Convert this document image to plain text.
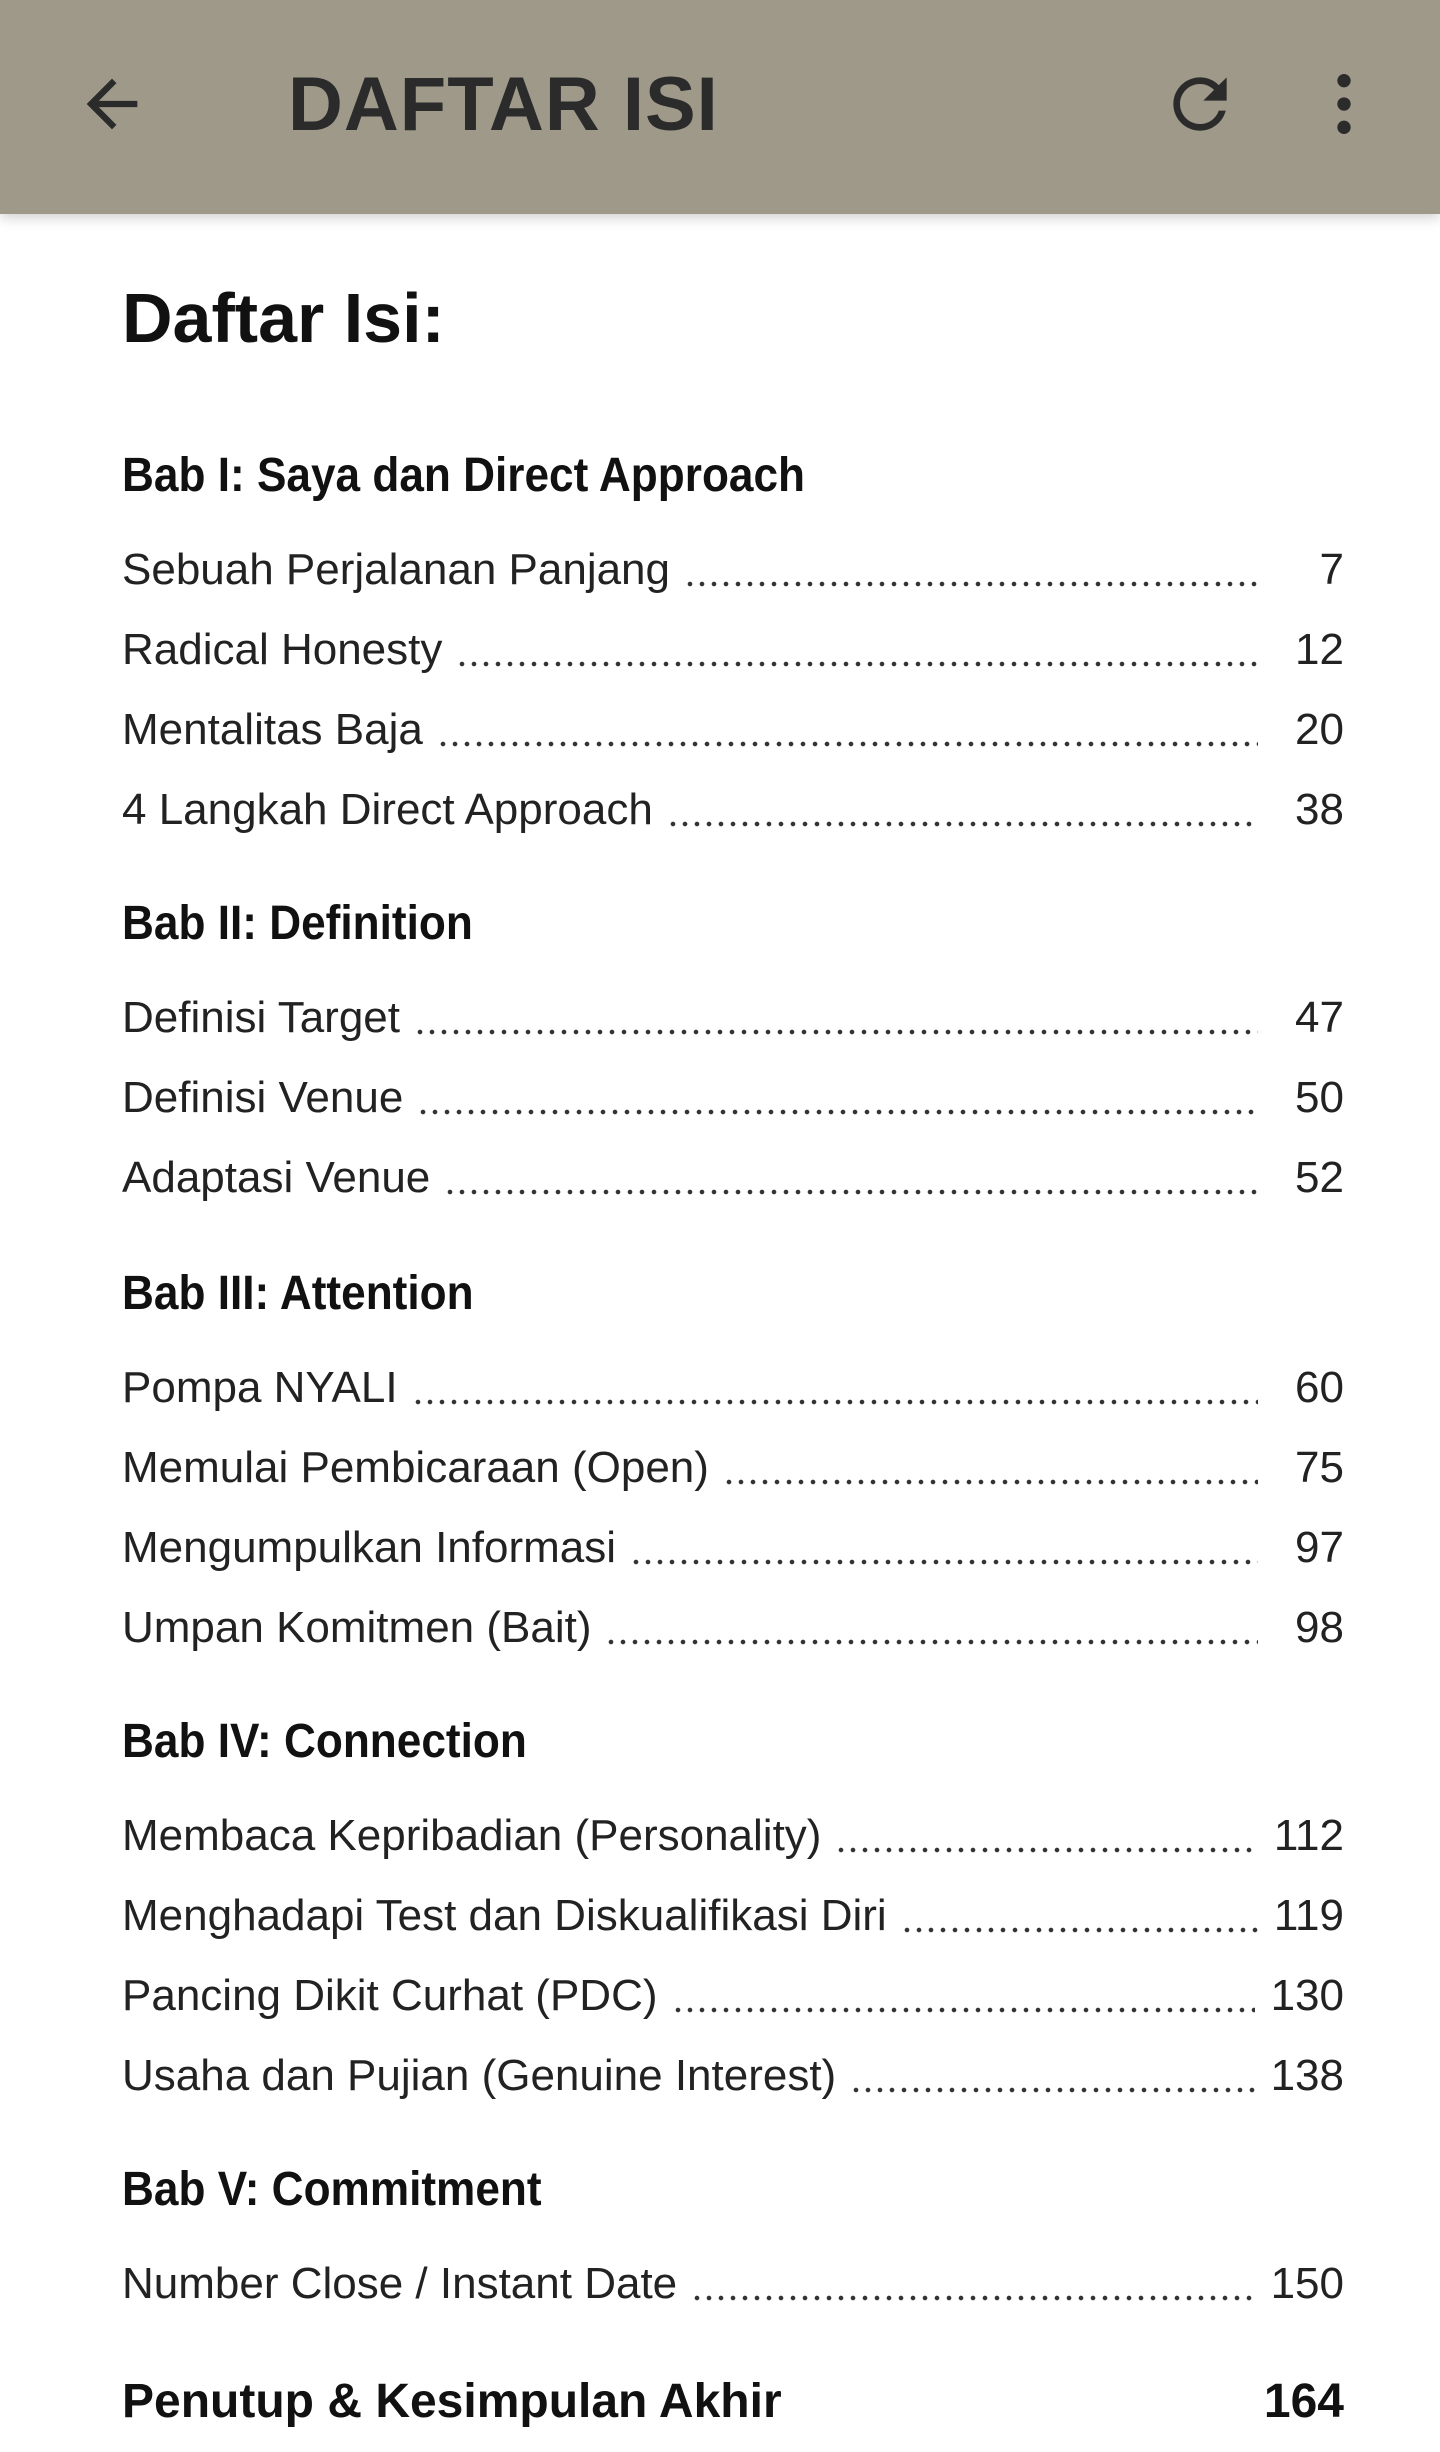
DAFTAR ISI
Daftar Isi:
Bab I: Saya dan Direct Approach
Sebuah Perjalanan Panjang	7
Radical Honesty	12
Mentalitas Baja	20
4 Langkah Direct Approach	38
Bab II: Definition
Definisi Target	47
Definisi Venue	50
Adaptasi Venue	52
Bab III: Attention
Pompa NYALI	60
Memulai Pembicaraan (Open)	75
Mengumpulkan Informasi	97
Umpan Komitmen (Bait)	98
Bab IV: Connection
Membaca Kepribadian (Personality)	112
Menghadapi Test dan Diskualifikasi Diri	119
Pancing Dikit Curhat (PDC)	130
Usaha dan Pujian (Genuine Interest)	138
Bab V: Commitment
Number Close / Instant Date	150
Penutup & Kesimpulan Akhir	164
